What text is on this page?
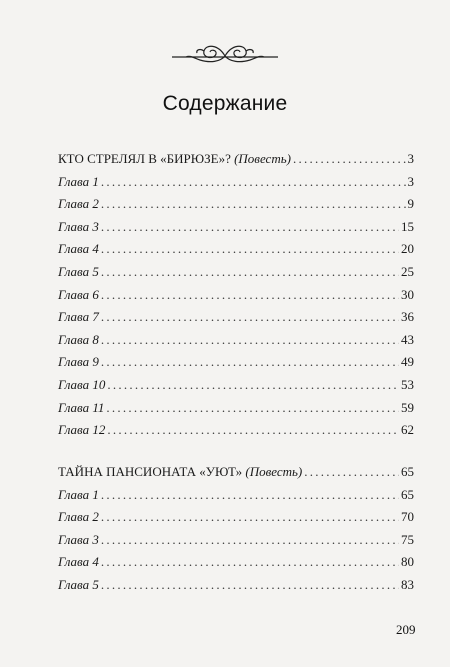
Содержание
КТО СТРЕЛЯЛ В «БИРЮЗЕ»? (Повесть) . . .	3
Глава 1 . . .	3
Глава 2 . . .	9
Глава 3 . . .	15
Глава 4 . . .	20
Глава 5 . . .	25
Глава 6 . . .	30
Глава 7 . . .	36
Глава 8 . . .	43
Глава 9 . . .	49
Глава 10 . . .	53
Глава 11 . . .	59
Глава 12 . . .	62
ТАЙНА ПАНСИОНАТА «УЮТ» (Повесть) . . .	65
Глава 1 . . .	65
Глава 2 . . .	70
Глава 3 . . .	75
Глава 4 . . .	80
Глава 5 . . .	83
209
